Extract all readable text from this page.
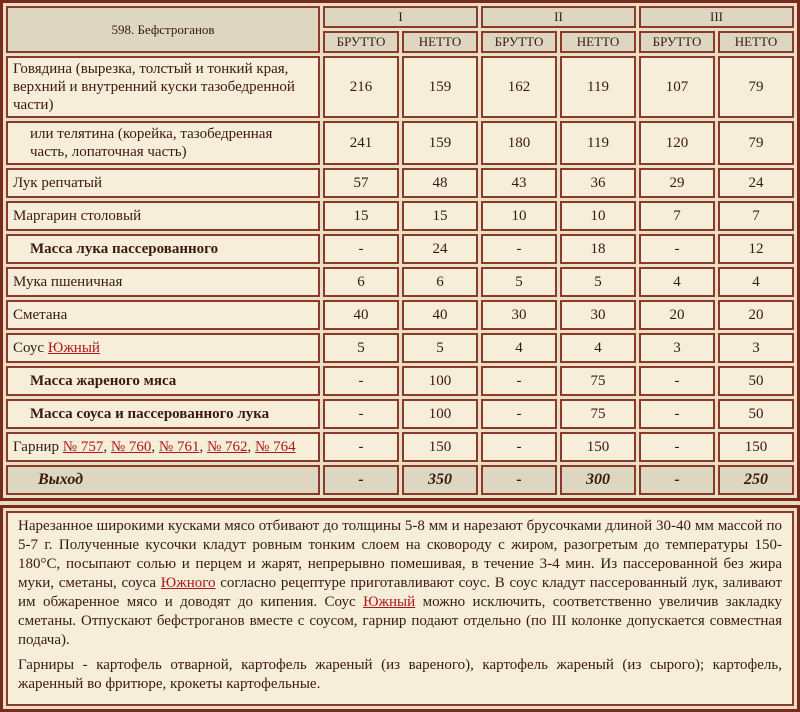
598. Бефстроганов	I		II		III	
	БРУТТО	НЕТТО	БРУТТО	НЕТТО	БРУТТО	НЕТТО
Говядина (вырезка, толстый и тонкий края, верхний и внутренний куски тазобедренной части)	216	159	162	119	107	79
или телятина (корейка, тазобедренная часть, лопаточная часть)	241	159	180	119	120	79
Лук репчатый	57	48	43	36	29	24
Маргарин столовый	15	15	10	10	7	7
Масса лука пассерованного	-	24	-	18	-	12
Мука пшеничная	6	6	5	5	4	4
Сметана	40	40	30	30	20	20
Соус Южный	5	5	4	4	3	3
Масса жареного мяса	-	100	-	75	-	50
Масса соуса и пассерованного лука	-	100	-	75	-	50
Гарнир № 757, № 760, № 761, № 762, № 764	-	150	-	150	-	150
Выход	-	350	-	300	-	250

Нарезанное широкими кусками мясо отбивают до толщины 5-8 мм и нарезают брусочками длиной 30-40 мм массой по 5-7 г. Полученные кусочки кладут ровным тонким слоем на сковороду с жиром, разогретым до температуры 150-180°С, посыпают солью и перцем и жарят, непрерывно помешивая, в течение 3-4 мин. Из пассерованной без жира муки, сметаны, соуса Южного согласно рецептуре приготавливают соус. В соус кладут пассерованный лук, заливают им обжаренное мясо и доводят до кипения. Соус Южный можно исключить, соответственно увеличив закладку сметаны. Отпускают бефстроганов вместе с соусом, гарнир подают отдельно (по III колонке допускается совместная подача).

Гарниры - картофель отварной, картофель жареный (из вареного), картофель жареный (из сырого); картофель, жаренный во фритюре, крокеты картофельные.
